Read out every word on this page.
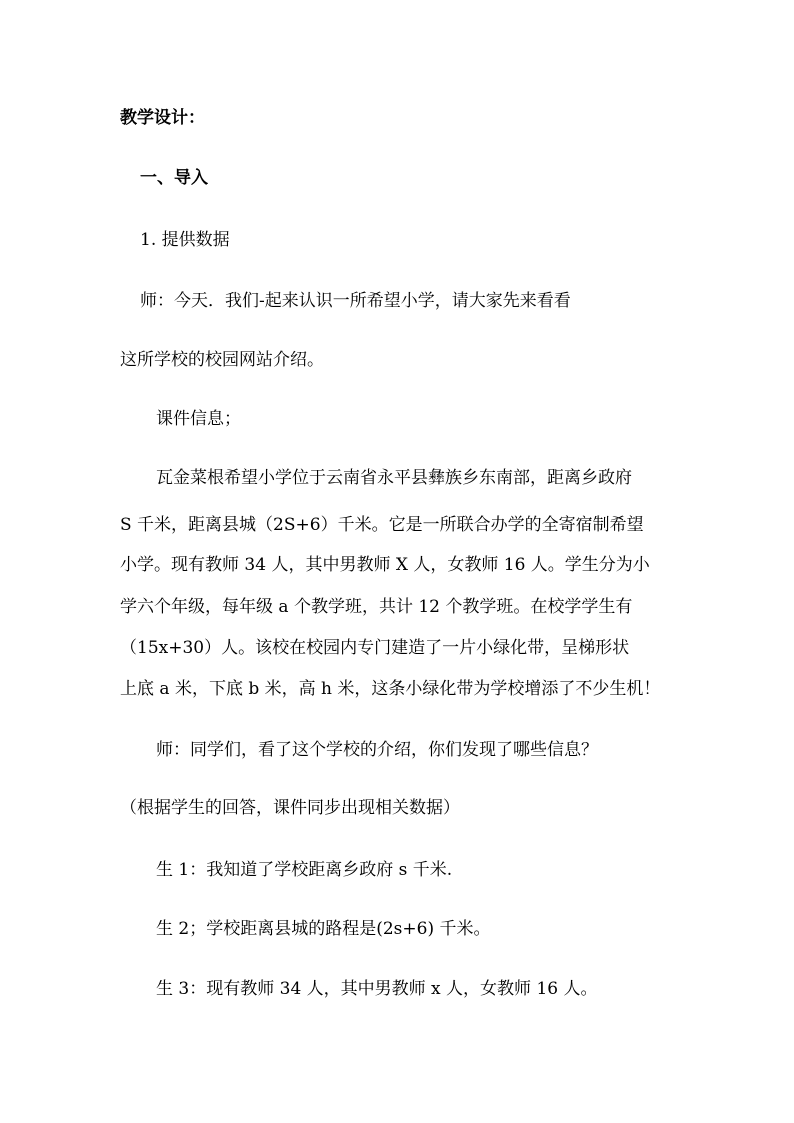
教学设计：
一、导入
1. 提供数据
师：今天．我们-起来认识一所希望小学，请大家先来看看
这所学校的校园网站介绍。
课件信息；
瓦金菜根希望小学位于云南省永平县彝族乡东南部，距离乡政府
S 千米，距离县城（2S+6）千米。它是一所联合办学的全寄宿制希望
小学。现有教师 34 人，其中男教师 X 人，女教师 16 人。学生分为小
学六个年级，每年级 a 个教学班，共计 12 个教学班。在校学学生有
（15x+30）人。该校在校园内专门建造了一片小绿化带，呈梯形状
上底 a 米，下底 b 米，高 h 米，这条小绿化带为学校增添了不少生机！
师：同学们，看了这个学校的介绍，你们发现了哪些信息？
（根据学生的回答，课件同步出现相关数据）
生 1：我知道了学校距离乡政府 s 千米.
生 2；学校距离县城的路程是(2s+6) 千米。
生 3：现有教师 34 人，其中男教师 x 人，女教师 16 人。
